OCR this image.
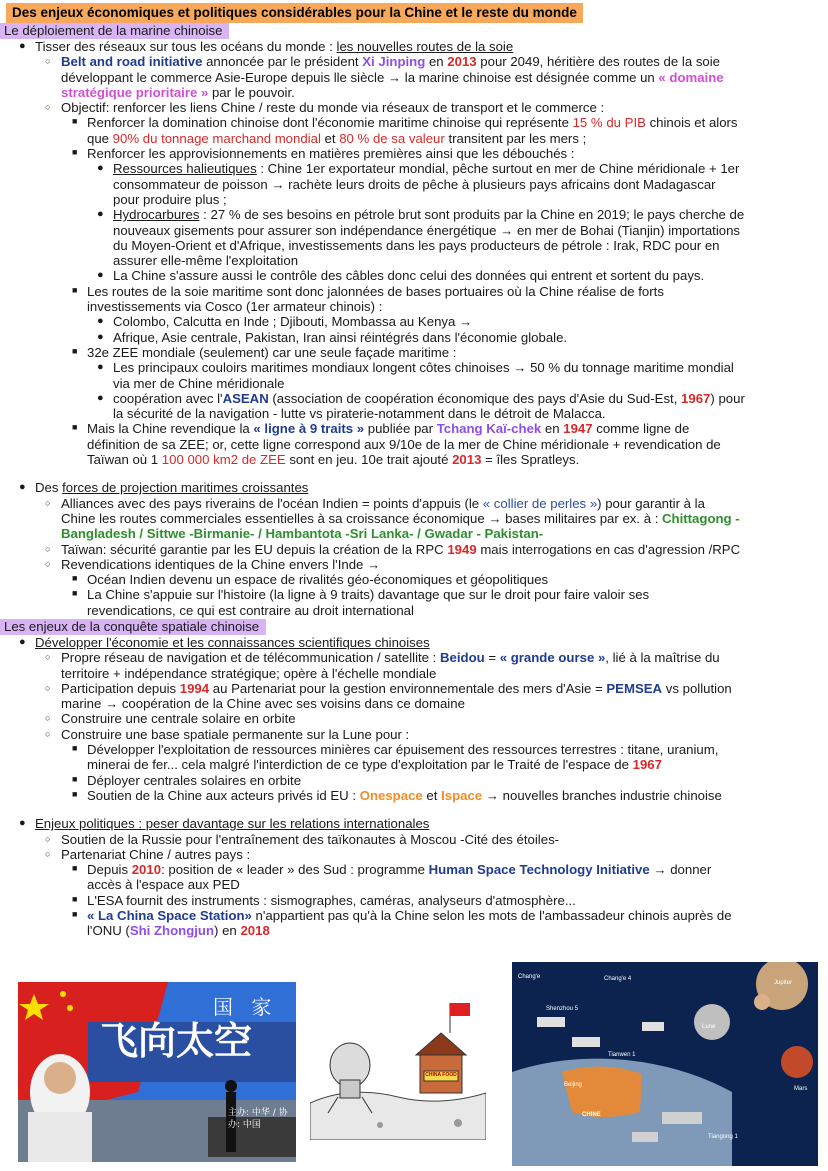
Des enjeux économiques et politiques considérables pour la Chine et le reste du monde
Le déploiement de la marine chinoise
● Tisser des réseaux sur tous les océans du monde : les nouvelles routes de la soie
○ Belt and road initiative annoncée par le président Xi Jinping en 2013 pour 2049, héritière des routes de la soie
développant le commerce Asie-Europe depuis lle siècle → la marine chinoise est désignée comme un « domaine
stratégique prioritaire » par le pouvoir.
○ Objectif: renforcer les liens Chine / reste du monde via réseaux de transport et le commerce :
■ Renforcer la domination chinoise dont l'économie maritime chinoise qui représente 15 % du PIB chinois et alors
que 90% du tonnage marchand mondial et 80 % de sa valeur transitent par les mers ;
■ Renforcer les approvisionnements en matières premières ainsi que les débouchés :
● Ressources halieutiques : Chine 1er exportateur mondial, pêche surtout en mer de Chine méridionale + 1er
consommateur de poisson → rachète leurs droits de pêche à plusieurs pays africains dont Madagascar
pour produire plus ;
● Hydrocarbures : 27 % de ses besoins en pétrole brut sont produits par la Chine en 2019; le pays cherche de
nouveaux gisements pour assurer son indépendance énergétique → en mer de Bohai (Tianjin) importations
du Moyen-Orient et d'Afrique, investissements dans les pays producteurs de pétrole : Irak, RDC pour en
assurer elle-même l'exploitation
● La Chine s'assure aussi le contrôle des câbles donc celui des données qui entrent et sortent du pays.
■ Les routes de la soie maritime sont donc jalonnées de bases portuaires où la Chine réalise de forts
investissements via Cosco (1er armateur chinois) :
● Colombo, Calcutta en Inde ; Djibouti, Mombassa au Kenya →
● Afrique, Asie centrale, Pakistan, Iran ainsi réintégrés dans l'économie globale.
■ 32e ZEE mondiale (seulement) car une seule façade maritime :
● Les principaux couloirs maritimes mondiaux longent côtes chinoises → 50 % du tonnage maritime mondial
via mer de Chine méridionale
● coopération avec l'ASEAN (association de coopération économique des pays d'Asie du Sud-Est, 1967) pour
la sécurité de la navigation - lutte vs piraterie-notamment dans le détroit de Malacca.
■ Mais la Chine revendique la « ligne à 9 traits » publiée par Tchang Kaï-chek en 1947 comme ligne de
définition de sa ZEE; or, cette ligne correspond aux 9/10e de la mer de Chine méridionale + revendication de
Taïwan où 1 100 000 km2 de ZEE sont en jeu. 10e trait ajouté 2013 = îles Spratleys.
● Des forces de projection maritimes croissantes
○ Alliances avec des pays riverains de l'océan Indien = points d'appuis (le « collier de perles ») pour garantir à la
Chine les routes commerciales essentielles à sa croissance économique → bases militaires par ex. à : Chittagong -
Bangladesh / Sittwe -Birmanie- / Hambantota -Sri Lanka- / Gwadar - Pakistan-
○ Taïwan: sécurité garantie par les EU depuis la création de la RPC 1949 mais interrogations en cas d'agression /RPC
○ Revendications identiques de la Chine envers l'Inde →
■ Océan Indien devenu un espace de rivalités géo-économiques et géopolitiques
■ La Chine s'appuie sur l'histoire (la ligne à 9 traits) davantage que sur le droit pour faire valoir ses
revendications, ce qui est contraire au droit international
Les enjeux de la conquête spatiale chinoise
● Développer l'économie et les connaissances scientifiques chinoises
○ Propre réseau de navigation et de télécommunication / satellite : Beidou = « grande ourse », lié à la maîtrise du
territoire + indépendance stratégique; opère à l'échelle mondiale
○ Participation depuis 1994 au Partenariat pour la gestion environnementale des mers d'Asie = PEMSEA vs pollution
marine → coopération de la Chine avec ses voisins dans ce domaine
○ Construire une centrale solaire en orbite
○ Construire une base spatiale permanente sur la Lune pour :
■ Développer l'exploitation de ressources minières car épuisement des ressources terrestres : titane, uranium,
minerai de fer... cela malgré l'interdiction de ce type d'exploitation par le Traité de l'espace de 1967
■ Déployer centrales solaires en orbite
■ Soutien de la Chine aux acteurs privés id EU : Onespace et Ispace → nouvelles branches industrie chinoise
● Enjeux politiques : peser davantage sur les relations internationales
○ Soutien de la Russie pour l'entraînement des taïkonautes à Moscou -Cité des étoiles-
○ Partenariat Chine / autres pays :
■ Depuis 2010: position de « leader » des Sud : programme Human Space Technology Initiative → donner
accès à l'espace aux PED
■ L'ESA fournit des instruments : sismographes, caméras, analyseurs d'atmosphère...
■ « La China Space Station» n'appartient pas qu'à la Chine selon les mots de l'ambassadeur chinois auprès de
l'ONU (Shi Zhongjun) en 2018
国 家
飞向太空
主办: 中华 / 协办: 中国
CHINA FOOD
Chang'e
Shenzhou 5
Chang'e 4
Tianwen 1
Tiangong 1
Lune
Mars
Jupiter
CHINE
Beijing
